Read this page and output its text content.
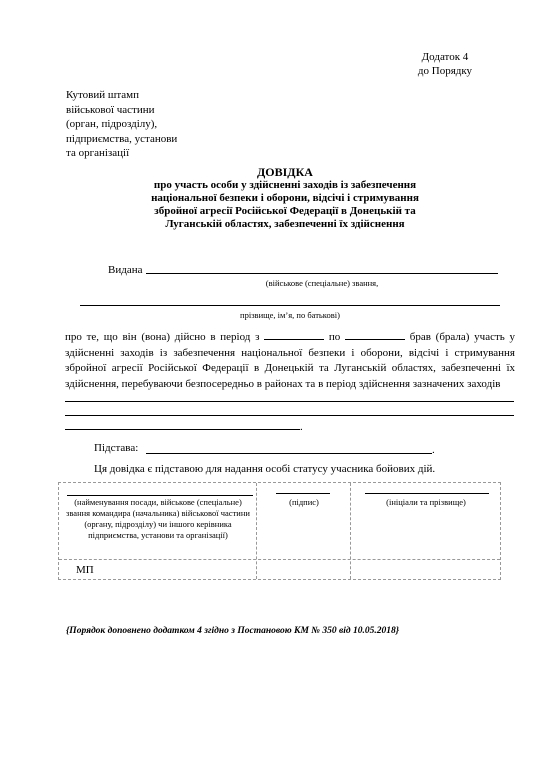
Додаток 4
до Порядку
Кутовий штамп
військової частини
(орган, підрозділу),
підприємства, установи
та організації
ДОВІДКА
про участь особи у здійсненні заходів із забезпечення
національної безпеки і оборони, відсічі і стримування
збройної агресії Російської Федерації в Донецькій та
Луганській областях, забезпеченні їх здійснення
Видана
(військове (спеціальне) звання,
прізвище, ім’я, по батькові)
про те, що він (вона) дійсно в період з	по	брав (брала) участь у здійсненні заходів із забезпечення національної безпеки і оборони, відсічі і стримування збройної агресії Російської Федерації в Донецькій та Луганській областях, забезпеченні їх здійснення, перебуваючи безпосередньо в районах та в період здійснення зазначених заходів
.
Підстава:	.
Ця довідка є підставою для надання особі статусу учасника бойових дій.
(найменування посади, військове (спеціальне) звання командира (начальника) військової частини (органу, підрозділу) чи іншого керівника підприємства, установи та організації)
(підпис)	(ініціали та прізвище)
МП
{Порядок доповнено додатком 4 згідно з Постановою КМ № 350 від 10.05.2018}
